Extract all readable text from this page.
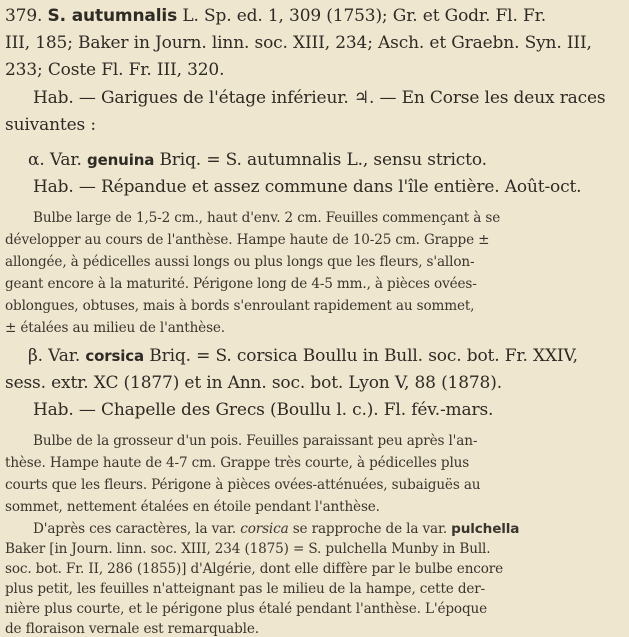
379. S. autumnalis L. Sp. ed. 1, 309 (1753); Gr. et Godr. Fl. Fr.
III, 185; Baker in Journ. linn. soc. XIII, 234; Asch. et Graebn. Syn. III,
233; Coste Fl. Fr. III, 320.
Hab. — Garigues de l'étage inférieur. ♃. — En Corse les deux races
suivantes :
α. Var. genuina Briq. = S. autumnalis L., sensu stricto.
Hab. — Répandue et assez commune dans l'île entière. Août-oct.
Bulbe large de 1,5-2 cm., haut d'env. 2 cm. Feuilles commençant à se
développer au cours de l'anthèse. Hampe haute de 10-25 cm. Grappe ±
allongée, à pédicelles aussi longs ou plus longs que les fleurs, s'allon-
geant encore à la maturité. Périgone long de 4-5 mm., à pièces ovées-
oblongues, obtuses, mais à bords s'enroulant rapidement au sommet,
± étalées au milieu de l'anthèse.
β. Var. corsica Briq. = S. corsica Boullu in Bull. soc. bot. Fr. XXIV,
sess. extr. XC (1877) et in Ann. soc. bot. Lyon V, 88 (1878).
Hab. — Chapelle des Grecs (Boullu l. c.). Fl. fév.-mars.
Bulbe de la grosseur d'un pois. Feuilles paraissant peu après l'an-
thèse. Hampe haute de 4-7 cm. Grappe très courte, à pédicelles plus
courts que les fleurs. Périgone à pièces ovées-atténuées, subaiguës au
sommet, nettement étalées en étoile pendant l'anthèse.
D'après ces caractères, la var. corsica se rapproche de la var. pulchella
Baker [in Journ. linn. soc. XIII, 234 (1875) = S. pulchella Munby in Bull.
soc. bot. Fr. II, 286 (1855)] d'Algérie, dont elle diffère par le bulbe encore
plus petit, les feuilles n'atteignant pas le milieu de la hampe, cette der-
nière plus courte, et le périgone plus étalé pendant l'anthèse. L'époque
de floraison vernale est remarquable.
